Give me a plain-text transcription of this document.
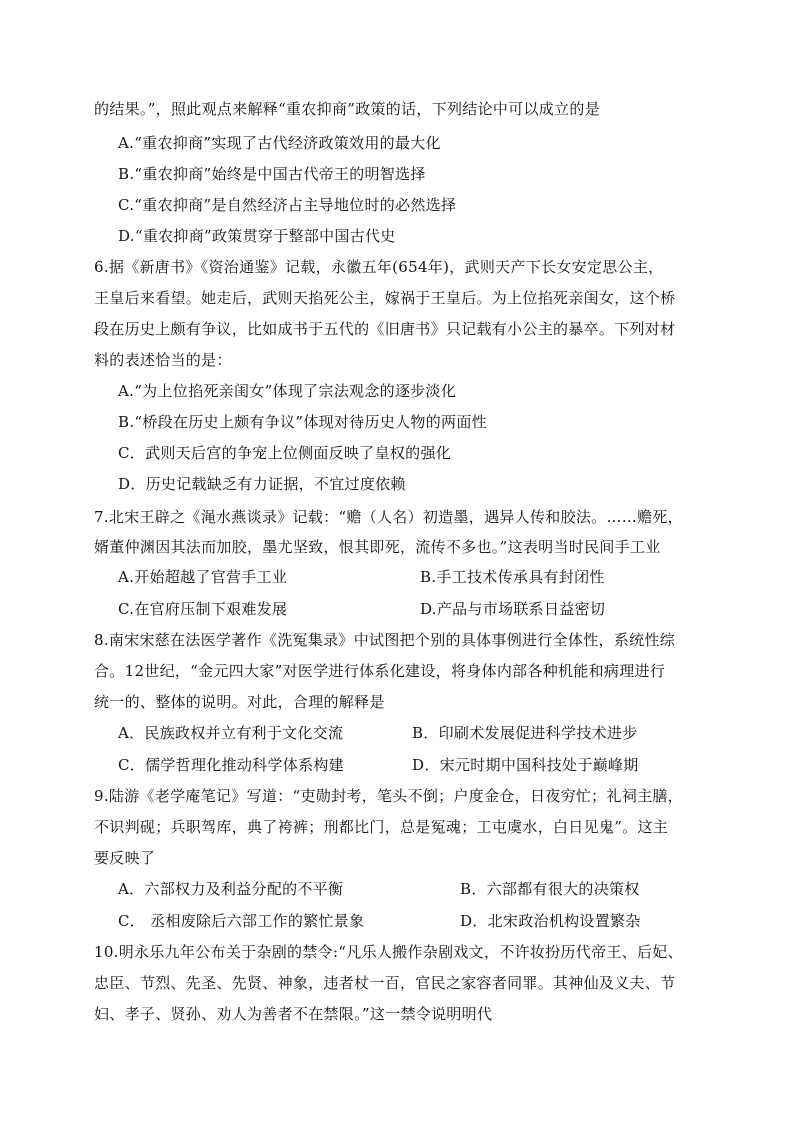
的结果。”，照此观点来解释“重农抑商”政策的话，下列结论中可以成立的是
A.“重农抑商”实现了古代经济政策效用的最大化
B.“重农抑商”始终是中国古代帝王的明智选择
C.“重农抑商”是自然经济占主导地位时的必然选择
D.“重农抑商”政策贯穿于整部中国古代史
6.据《新唐书》《资治通鉴》记载，永徽五年(654年)，武则天产下长女安定思公主，
王皇后来看望。她走后，武则天掐死公主，嫁祸于王皇后。为上位掐死亲闺女，这个桥
段在历史上颇有争议，比如成书于五代的《旧唐书》只记载有小公主的暴卒。下列对材
料的表述恰当的是：
A.“为上位掐死亲闺女”体现了宗法观念的逐步淡化
B.“桥段在历史上颇有争议”体现对待历史人物的两面性
C．武则天后宫的争宠上位侧面反映了皇权的强化
D．历史记载缺乏有力证据，不宜过度依赖
7.北宋王辟之《渑水燕谈录》记载：“赡（人名）初造墨，遇异人传和胶法。……赡死，
婿董仲渊因其法而加胶，墨尤坚致，恨其即死，流传不多也。”这表明当时民间手工业
A.开始超越了官营手工业	B.手工技术传承具有封闭性
C.在官府压制下艰难发展	D.产品与市场联系日益密切
8.南宋宋慈在法医学著作《洗冤集录》中试图把个别的具体事例进行全体性，系统性综
合。12世纪，“金元四大家”对医学进行体系化建设，将身体内部各种机能和病理进行
统一的、整体的说明。对此，合理的解释是
A．民族政权并立有利于文化交流	B．印刷术发展促进科学技术进步
C．儒学哲理化推动科学体系构建	D．宋元时期中国科技处于巅峰期
9.陆游《老学庵笔记》写道：“吏勋封考，笔头不倒；户度金仓，日夜穷忙；礼祠主膳，
不识判砚；兵职驾库，典了袴裤；刑都比门，总是冤魂；工屯虞水，白日见鬼”。这主
要反映了
A．六部权力及利益分配的不平衡	B．六部都有很大的决策权
C． 丞相废除后六部工作的繁忙景象	D．北宋政治机构设置繁杂
10.明永乐九年公布关于杂剧的禁令:“凡乐人搬作杂剧戏文，不许妆扮历代帝王、后妃、
忠臣、节烈、先圣、先贤、神象，违者杖一百，官民之家容者同罪。其神仙及义夫、节
妇、孝子、贤孙、劝人为善者不在禁限。”这一禁令说明明代
